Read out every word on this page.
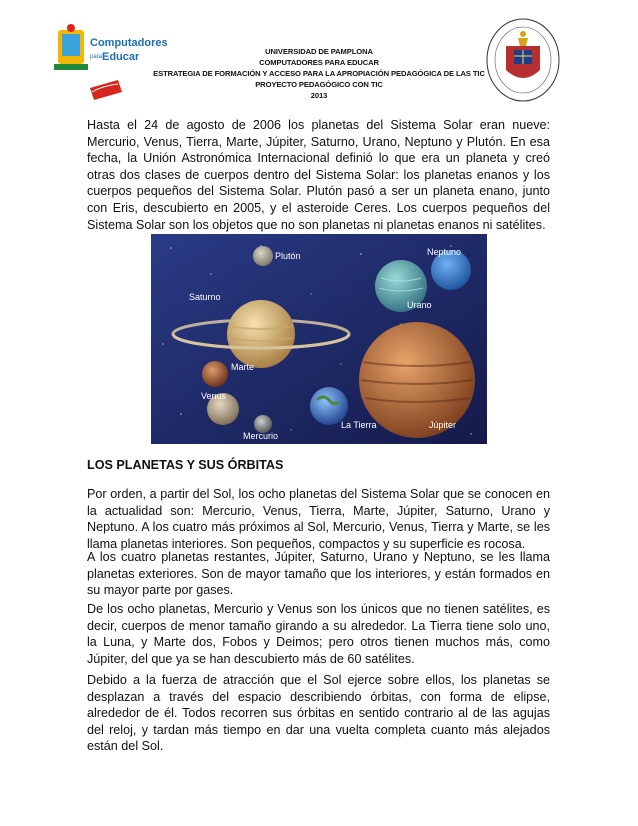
Computadores
para Educar	UNIVERSIDAD DE PAMPLONA
COMPUTADORES PARA EDUCAR
ESTRATEGIA DE FORMACIÓN Y ACCESO PARA LA APROPIACIÓN PEDAGÓGICA DE LAS TIC
PROYECTO PEDAGÓGICO CON TIC
2013

Hasta el 24 de agosto de 2006 los planetas del Sistema Solar eran nueve: Mercurio, Venus, Tierra, Marte, Júpiter, Saturno, Urano, Neptuno y Plutón. En esa fecha, la Unión Astronómica Internacional definió lo que era un planeta y creó otras dos clases de cuerpos dentro del Sistema Solar: los planetas enanos y los cuerpos pequeños del Sistema Solar. Plutón pasó a ser un planeta enano, junto con Eris, descubierto en 2005, y el asteroide Ceres. Los cuerpos pequeños del Sistema Solar son los objetos que no son planetas ni planetas enanos ni satélites.

Plutón	Neptuno
Urano
Saturno
Júpiter
Marte
Venus
Mercurio
La Tierra
LOS PLANETAS Y SUS ÓRBITAS

Por orden, a partir del Sol, los ocho planetas del Sistema Solar que se conocen en la actualidad son: Mercurio, Venus, Tierra, Marte, Júpiter, Saturno, Urano y Neptuno. A los cuatro más próximos al Sol, Mercurio, Venus, Tierra y Marte, se les llama planetas interiores. Son pequeños, compactos y su superficie es rocosa.

A los cuatro planetas restantes, Júpiter, Saturno, Urano y Neptuno, se les llama planetas exteriores. Son de mayor tamaño que los interiores, y están formados en su mayor parte por gases.

De los ocho planetas, Mercurio y Venus son los únicos que no tienen satélites, es decir, cuerpos de menor tamaño girando a su alrededor. La Tierra tiene solo uno, la Luna, y Marte dos, Fobos y Deimos; pero otros tienen muchos más, como Júpiter, del que ya se han descubierto más de 60 satélites.

Debido a la fuerza de atracción que el Sol ejerce sobre ellos, los planetas se desplazan a través del espacio describiendo órbitas, con forma de elipse, alrededor de él. Todos recorren sus órbitas en sentido contrario al de las agujas del reloj, y tardan más tiempo en dar una vuelta completa cuanto más alejados están del Sol.
